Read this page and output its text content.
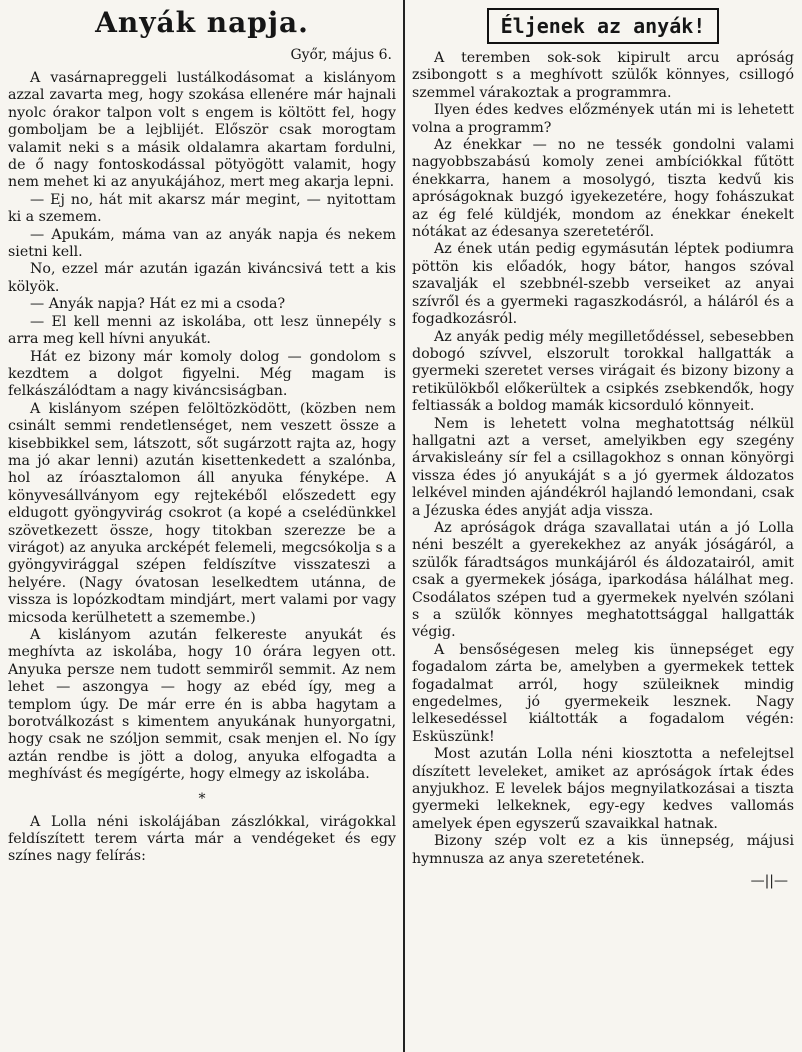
Anyák napja.
Győr, május 6.

A vasárnapreggeli lustálkodásomat a kislányom azzal zavarta meg, hogy szokása ellenére már hajnali nyolc órakor talpon volt s engem is költött fel, hogy gomboljam be a lejblijét. Először csak morogtam valamit neki s a másik oldalamra akartam fordulni, de ő nagy fontoskodással pötyögött valamit, hogy nem mehet ki az anyukájához, mert meg akarja lepni.

— Ej no, hát mit akarsz már megint, — nyitottam ki a szemem.

— Apukám, máma van az anyák napja és nekem sietni kell.

No, ezzel már azután igazán kiváncsivá tett a kis kölyök.

— Anyák napja? Hát ez mi a csoda?

— El kell menni az iskolába, ott lesz ünnepély s arra meg kell hívni anyukát.

Hát ez bizony már komoly dolog — gondolom s kezdtem a dolgot figyelni. Még magam is felkászálódtam a nagy kiváncsiságban.

A kislányom szépen felöltözködött, (közben nem csinált semmi rendetlenséget, nem veszett össze a kisebbikkel sem, látszott, sőt sugárzott rajta az, hogy ma jó akar lenni) azután kisettenkedett a szalónba, hol az íróasztalomon áll anyuka fényképe. A könyvesállványom egy rejtekéből előszedett egy eldugott gyöngyvirág csokrot (a kopé a cselédünkkel szövetkezett össze, hogy titokban szerezze be a virágot) az anyuka arcképét felemeli, megcsókolja s a gyöngyvirággal szépen feldíszítve visszateszi a helyére. (Nagy óvatosan leselkedtem utánna, de vissza is lopózkodtam mindjárt, mert valami por vagy micsoda kerülhetett a szemembe.)

A kislányom azután felkereste anyukát és meghívta az iskolába, hogy 10 órára legyen ott. Anyuka persze nem tudott semmiről semmit. Az nem lehet — aszongya — hogy az ebéd így, meg a templom úgy. De már erre én is abba hagytam a borotválkozást s kimentem anyukának hunyorgatni, hogy csak ne szóljon semmit, csak menjen el. No így aztán rendbe is jött a dolog, anyuka elfogadta a meghívást és megígérte, hogy elmegy az iskolába.

*

A Lolla néni iskolájában zászlókkal, virágokkal feldíszített terem várta már a vendégeket és egy színes nagy felírás:

Éljenek az anyák!

A teremben sok-sok kipirult arcu apróság zsibongott s a meghívott szülők könnyes, csillogó szemmel várakoztak a programmra.

Ilyen édes kedves előzmények után mi is lehetett volna a programm?

Az énekkar — no ne tessék gondolni valami nagyobbszabású komoly zenei ambíciókkal fűtött énekkarra, hanem a mosolygó, tiszta kedvű kis apróságoknak buzgó igyekezetére, hogy fohászukat az ég felé küldjék, mondom az énekkar énekelt nótákat az édesanya szeretetéről.

Az ének után pedig egymásután léptek podiumra pöttön kis előadók, hogy bátor, hangos szóval szavalják el szebbnél-szebb verseiket az anyai szívről és a gyermeki ragaszkodásról, a háláról és a fogadkozásról.

Az anyák pedig mély megilletődéssel, sebesebben dobogó szívvel, elszorult torokkal hallgatták a gyermeki szeretet verses virágait és bizony bizony a retikülökből előkerültek a csipkés zsebkendők, hogy feltiassák a boldog mamák kicsorduló könnyeit.

Nem is lehetett volna meghatottság nélkül hallgatni azt a verset, amelyikben egy szegény árvakisleány sír fel a csillagokhoz s onnan könyörgi vissza édes jó anyukáját s a jó gyermek áldozatos lelkével minden ajándékról hajlandó lemondani, csak a Jézuska édes anyját adja vissza.

Az apróságok drága szavallatai után a jó Lolla néni beszélt a gyerekekhez az anyák jóságáról, a szülők fáradtságos munkájáról és áldozatairól, amit csak a gyermekek jósága, iparkodása hálálhat meg. Csodálatos szépen tud a gyermekek nyelvén szólani s a szülők könnyes meghatottsággal hallgatták végig.

A bensőségesen meleg kis ünnepséget egy fogadalom zárta be, amelyben a gyermekek tettek fogadalmat arról, hogy szüleiknek mindig engedelmes, jó gyermekeik lesznek. Nagy lelkesedéssel kiáltották a fogadalom végén: Esküszünk!

Most azután Lolla néni kiosztotta a nefelejtsel díszített leveleket, amiket az apróságok írtak édes anyjukhoz. E levelek bájos megnyilatkozásai a tiszta gyermeki lelkeknek, egy-egy kedves vallomás amelyek épen egyszerű szavaikkal hatnak.

Bizony szép volt ez a kis ünnepség, májusi hymnusza az anya szeretetének.

—||—
